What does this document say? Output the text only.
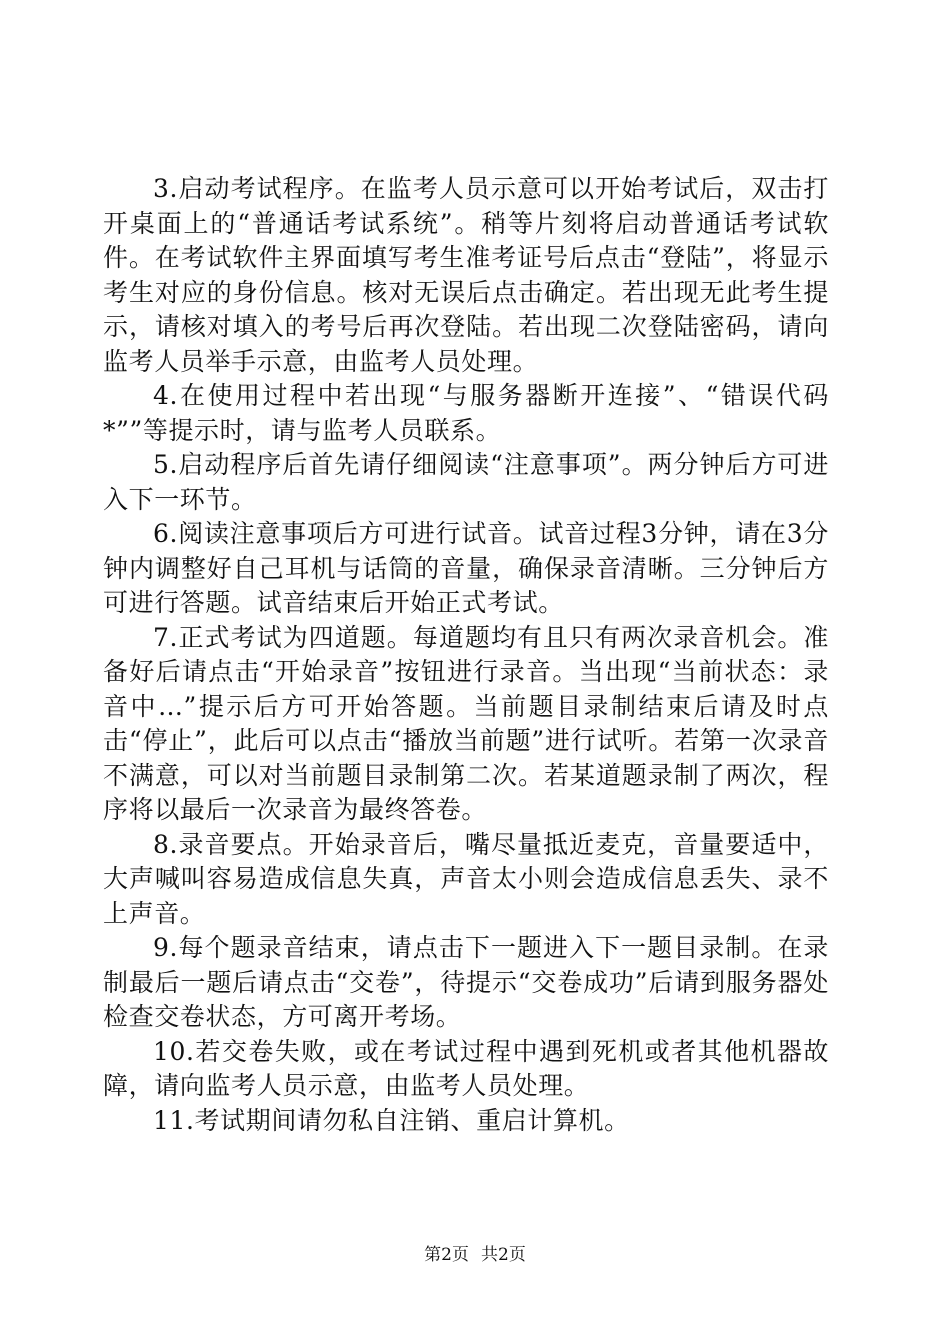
3.启动考试程序。在监考人员示意可以开始考试后，双击打开桌面上的“普通话考试系统”。稍等片刻将启动普通话考试软件。在考试软件主界面填写考生准考证号后点击“登陆”，将显示考生对应的身份信息。核对无误后点击确定。若出现无此考生提示，请核对填入的考号后再次登陆。若出现二次登陆密码，请向监考人员举手示意，由监考人员处理。

4.在使用过程中若出现“与服务器断开连接”、“错误代码*””等提示时，请与监考人员联系。

5.启动程序后首先请仔细阅读“注意事项”。两分钟后方可进入下一环节。

6.阅读注意事项后方可进行试音。试音过程3分钟，请在3分钟内调整好自己耳机与话筒的音量，确保录音清晰。三分钟后方可进行答题。试音结束后开始正式考试。

7.正式考试为四道题。每道题均有且只有两次录音机会。准备好后请点击“开始录音”按钮进行录音。当出现“当前状态：录音中…”提示后方可开始答题。当前题目录制结束后请及时点击“停止”，此后可以点击“播放当前题”进行试听。若第一次录音不满意，可以对当前题目录制第二次。若某道题录制了两次，程序将以最后一次录音为最终答卷。

8.录音要点。开始录音后，嘴尽量抵近麦克，音量要适中，大声喊叫容易造成信息失真，声音太小则会造成信息丢失、录不上声音。

9.每个题录音结束，请点击下一题进入下一题目录制。在录制最后一题后请点击“交卷”，待提示“交卷成功”后请到服务器处检查交卷状态，方可离开考场。

10.若交卷失败，或在考试过程中遇到死机或者其他机器故障，请向监考人员示意，由监考人员处理。

11.考试期间请勿私自注销、重启计算机。

第2页 共2页
